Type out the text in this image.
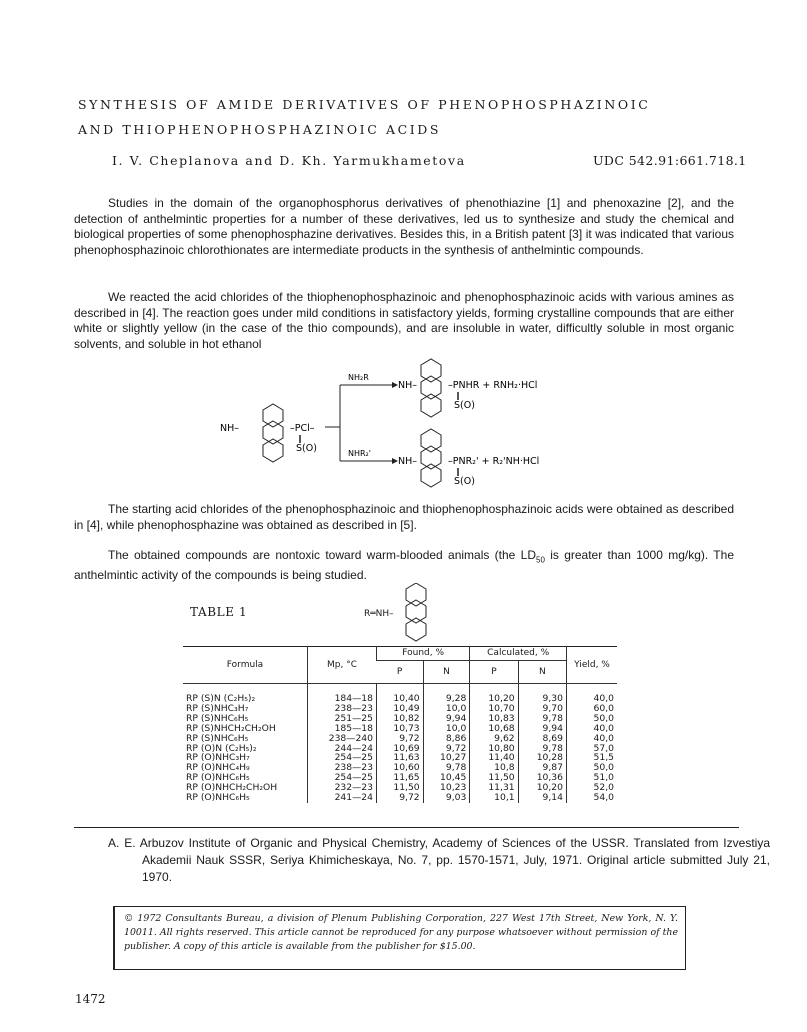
SYNTHESIS OF AMIDE DERIVATIVES OF PHENOPHOSPHAZINOIC
AND THIOPHENOPHOSPHAZINOIC ACIDS
I. V. Cheplanova and D. Kh. Yarmukhametova	UDC 542.91:661.718.1

Studies in the domain of the organophosphorus derivatives of phenothiazine [1] and phenoxazine [2], and the detection of anthelmintic properties for a number of these derivatives, led us to synthesize and study the chemical and biological properties of some phenophosphazine derivatives. Besides this, in a British patent [3] it was indicated that various phenophosphazinoic chlorothionates are intermediate products in the synthesis of anthelmintic compounds.

We reacted the acid chlorides of the thiophenophosphazinoic and phenophosphazinoic acids with various amines as described in [4]. The reaction goes under mild conditions in satisfactory yields, forming crystalline compounds that are either white or slightly yellow (in the case of the thio compounds), and are insoluble in water, difficultly soluble in most organic solvents, and soluble in hot ethanol

NH–	–PCl–
‖
S(O)
NH₂R
NHR₂'
NH–	–PNHR + RNH₂·HCl
‖
S(O)
NH–	–PNR₂' + R₂'NH·HCl
‖
S(O)

The starting acid chlorides of the phenophosphazinoic and thiophenophosphazinoic acids were obtained as described in [4], while phenophosphazine was obtained as described in [5].

The obtained compounds are nontoxic toward warm-blooded animals (the $LD_{50}$ is greater than 1000 mg/kg). The anthelmintic activity of the compounds is being studied.

TABLE 1	R═NH–
Formula	Mp, °C	Found, %		Calculated, %		Yield, %
		P	N	P	N	
RP (S)N (C₂H₅)₂	184—18	10,40	9,28	10,20	9,30	40,0
RP (S)NHC₃H₇	238—23	10,49	10,0	10,70	9,70	60,0
RP (S)NHC₆H₅	251—25	10,82	9,94	10,83	9,78	50,0
RP (S)NHCH₂CH₂OH	185—18	10,73	10,0	10,68	9,94	40,0
RP (S)NHC₆H₅	238—240	9,72	8,86	9,62	8,69	40,0
RP (O)N (C₂H₅)₂	244—24	10,69	9,72	10,80	9,78	57,0
RP (O)NHC₃H₇	254—25	11,63	10,27	11,40	10,28	51,5
RP (O)NHC₄H₉	238—23	10,60	9,78	10,8	9,87	50,0
RP (O)NHC₆H₅	254—25	11,65	10,45	11,50	10,36	51,0
RP (O)NHCH₂CH₂OH	232—23	11,50	10,23	11,31	10,20	52,0
RP (O)NHC₆H₅	241—24	9,72	9,03	10,1	9,14	54,0

A. E. Arbuzov Institute of Organic and Physical Chemistry, Academy of Sciences of the USSR. Translated from Izvestiya Akademii Nauk SSSR, Seriya Khimicheskaya, No. 7, pp. 1570-1571, July, 1971. Original article submitted July 21, 1970.

© 1972 Consultants Bureau, a division of Plenum Publishing Corporation, 227 West 17th Street, New York, N. Y. 10011. All rights reserved. This article cannot be reproduced for any purpose whatsoever without permission of the publisher. A copy of this article is available from the publisher for $15.00.

1472
